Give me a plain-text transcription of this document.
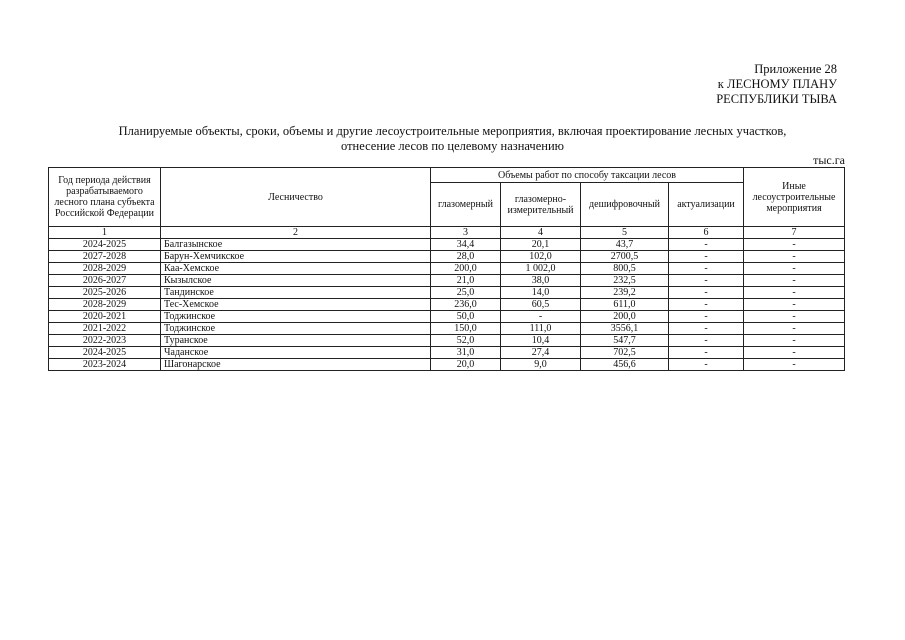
Приложение 28
к ЛЕСНОМУ ПЛАНУ
РЕСПУБЛИКИ ТЫВА
Планируемые объекты, сроки, объемы и другие лесоустроительные мероприятия, включая проектирование лесных участков,
отнесение лесов по целевому назначению
тыс.га
Год периода действия разрабатываемого лесного плана субъекта Российской Федерации	Лесничество	Объемы работ по способу таксации лесов				Иные лесоустроительные мероприятия
		глазомерный	глазомерно-измерительный	дешифровочный	актуализации	
1	2	3	4	5	6	7
2024-2025	Балгазынское	34,4	20,1	43,7	-	-
2027-2028	Барун-Хемчикское	28,0	102,0	2700,5	-	-
2028-2029	Каа-Хемское	200,0	1 002,0	800,5	-	-
2026-2027	Кызылское	21,0	38,0	232,5	-	-
2025-2026	Тандинское	25,0	14,0	239,2	-	-
2028-2029	Тес-Хемское	236,0	60,5	611,0	-	-
2020-2021	Тоджинское	50,0	-	200,0	-	-
2021-2022	Тоджинское	150,0	111,0	3556,1	-	-
2022-2023	Туранское	52,0	10,4	547,7	-	-
2024-2025	Чаданское	31,0	27,4	702,5	-	-
2023-2024	Шагонарское	20,0	9,0	456,6	-	-
